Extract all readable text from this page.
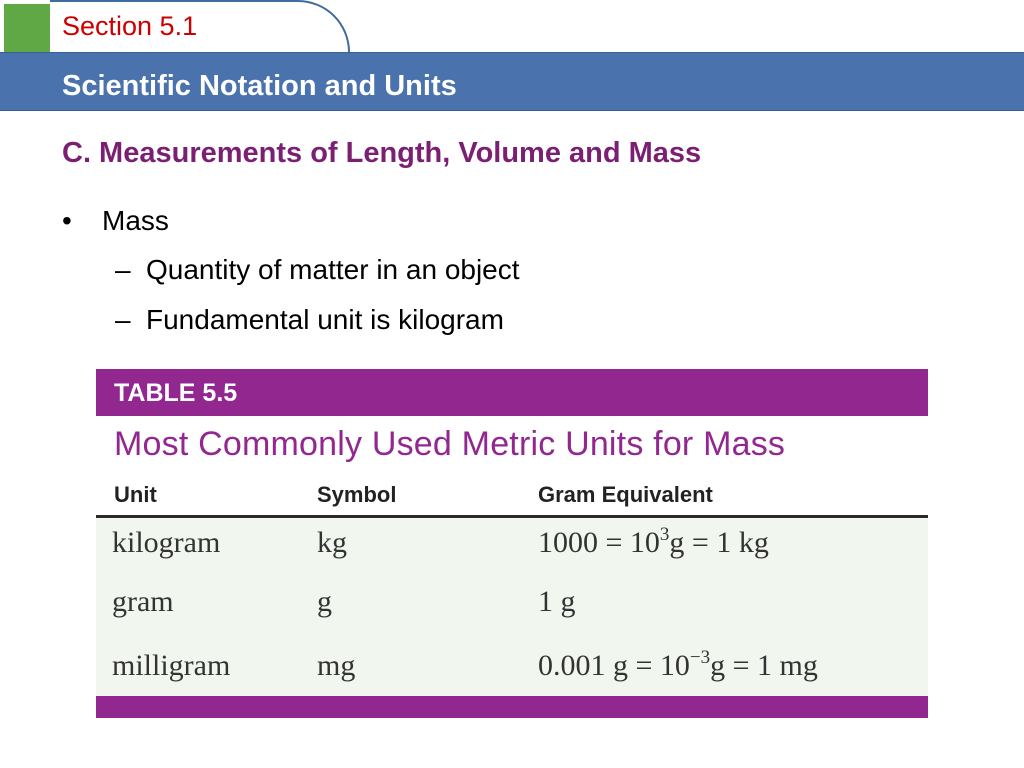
Section 5.1
Scientific Notation and Units
C. Measurements of Length, Volume and Mass
• Mass
– Quantity of matter in an object
– Fundamental unit is kilogram
TABLE 5.5
Most Commonly Used Metric Units for Mass
Unit	Symbol	Gram Equivalent
kilogram	kg	$1000 = 10^3g = 1$ kg
gram	g	1 g
milligram	mg	0.001 $g = 10^{-3}g = 1$ mg
